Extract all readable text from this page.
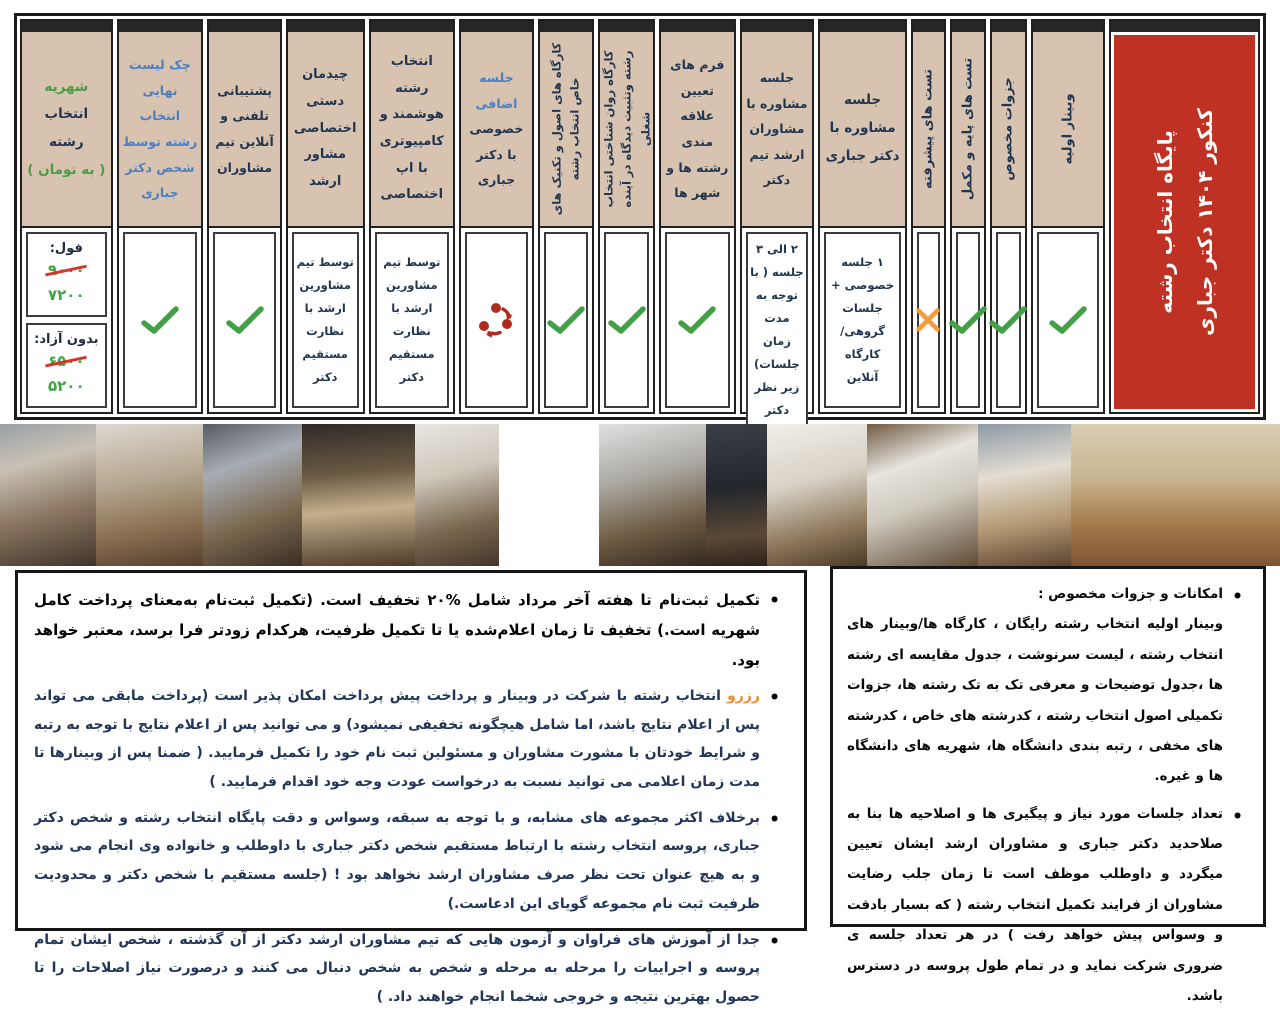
پایگاه انتخاب رشته کنکور ۱۴۰۴ دکتر جباری
وبینار اولیه
جزوات مخصوص
تست های پایه و مکمل
تست های پیشرفته
جلسه مشاوره با دکتر جباری
۱ جلسه خصوصی + جلسات گروهی/ کارگاه آنلاین
جلسه مشاوره با مشاوران ارشد تیم دکتر
۲ الی ۳ جلسه ( با توجه به مدت زمان جلسات) زیر نظر دکتر
فرم های تعیین علاقه مندی رشته ها و شهر ها
کارگاه روان شناختی انتخاب رشته وتثبیت دیدگاه در آینده شغلی
کارگاه های اصول و تکنیک های خاص انتخاب رشته
جلسه اضافی
خصوصی با دکتر جباری
انتخاب رشته هوشمند و کامپیوتری با اپ اختصاصی
توسط تیم مشاورین ارشد با نظارت مستقیم دکتر
چیدمان دستی اختصاصی مشاور ارشد
توسط تیم مشاورین ارشد با نظارت مستقیم دکتر
پشتیبانی تلفنی و آنلاین تیم مشاوران
چک لیست نهایی انتخاب رشته توسط شخص دکتر جباری
شهریه
انتخاب رشته
( به تومان )
فول:
۹۰۰۰
۷۲۰۰
بدون آزاد:
۶۵۰۰
۵۲۰۰
• تکمیل ثبت‌نام تا هفته آخر مرداد شامل %۲۰ تخفیف است. (تکمیل ثبت‌نام به‌معنای پرداخت کامل شهریه است.) تخفیف تا زمان اعلام‌شده یا تا تکمیل ظرفیت، هرکدام زودتر فرا برسد، معتبر خواهد بود.
• رزرو انتخاب رشته با شرکت در وبینار و پرداخت پیش پرداخت امکان پذیر است (پرداخت مابقی می تواند پس از اعلام نتایج باشد، اما شامل هیچگونه تخفیفی نمیشود) و می توانید پس از اعلام نتایج با توجه به رتبه و شرایط خودتان با مشورت مشاوران و مسئولین ثبت نام خود را تکمیل فرمایید. ( ضمنا پس از وبینارها تا مدت زمان اعلامی می توانید نسبت به درخواست عودت وجه خود اقدام فرمایید. )
• برخلاف اکثر مجموعه های مشابه، و با توجه به سبقه، وسواس و دقت پایگاه انتخاب رشته و شخص دکتر جباری، پروسه انتخاب رشته با ارتباط مستقیم شخص دکتر جباری با داوطلب و خانواده وی انجام می شود و به هیچ عنوان تحت نظر صرف مشاوران ارشد نخواهد بود ! (جلسه مستقیم با شخص دکتر و محدودیت ظرفیت ثبت نام مجموعه گویای این ادعاست.)
• جدا از آموزش های فراوان و آزمون هایی که تیم مشاوران ارشد دکتر از آن گذشته ، شخص ایشان تمام پروسه و اجراییات را مرحله به مرحله و شخص به شخص دنبال می کنند و درصورت نیاز اصلاحات را تا حصول بهترین نتیجه و خروجی شخما انجام خواهند داد. )
• امکانات و جزوات مخصوص :
وبینار اولیه انتخاب رشته رایگان ، کارگاه ها/وبینار های انتخاب رشته ، لیست سرنوشت ، جدول مقایسه ای رشته ها ،جدول توضیحات و معرفی تک به تک رشته ها، جزوات تکمیلی اصول انتخاب رشته ، کدرشته های خاص ، کدرشته های مخفی ، رتبه بندی دانشگاه ها، شهریه های دانشگاه ها و غیره.
• تعداد جلسات مورد نیاز و پیگیری ها و اصلاحیه ها بنا به صلاحدید دکتر جباری و مشاوران ارشد ایشان تعیین میگردد و داوطلب موظف است تا زمان جلب رضایت مشاوران از فرایند تکمیل انتخاب رشته ( که بسیار بادقت و وسواس پیش خواهد رفت ) در هر تعداد جلسه ی ضروری شرکت نماید و در تمام طول پروسه در دسترس باشد.
